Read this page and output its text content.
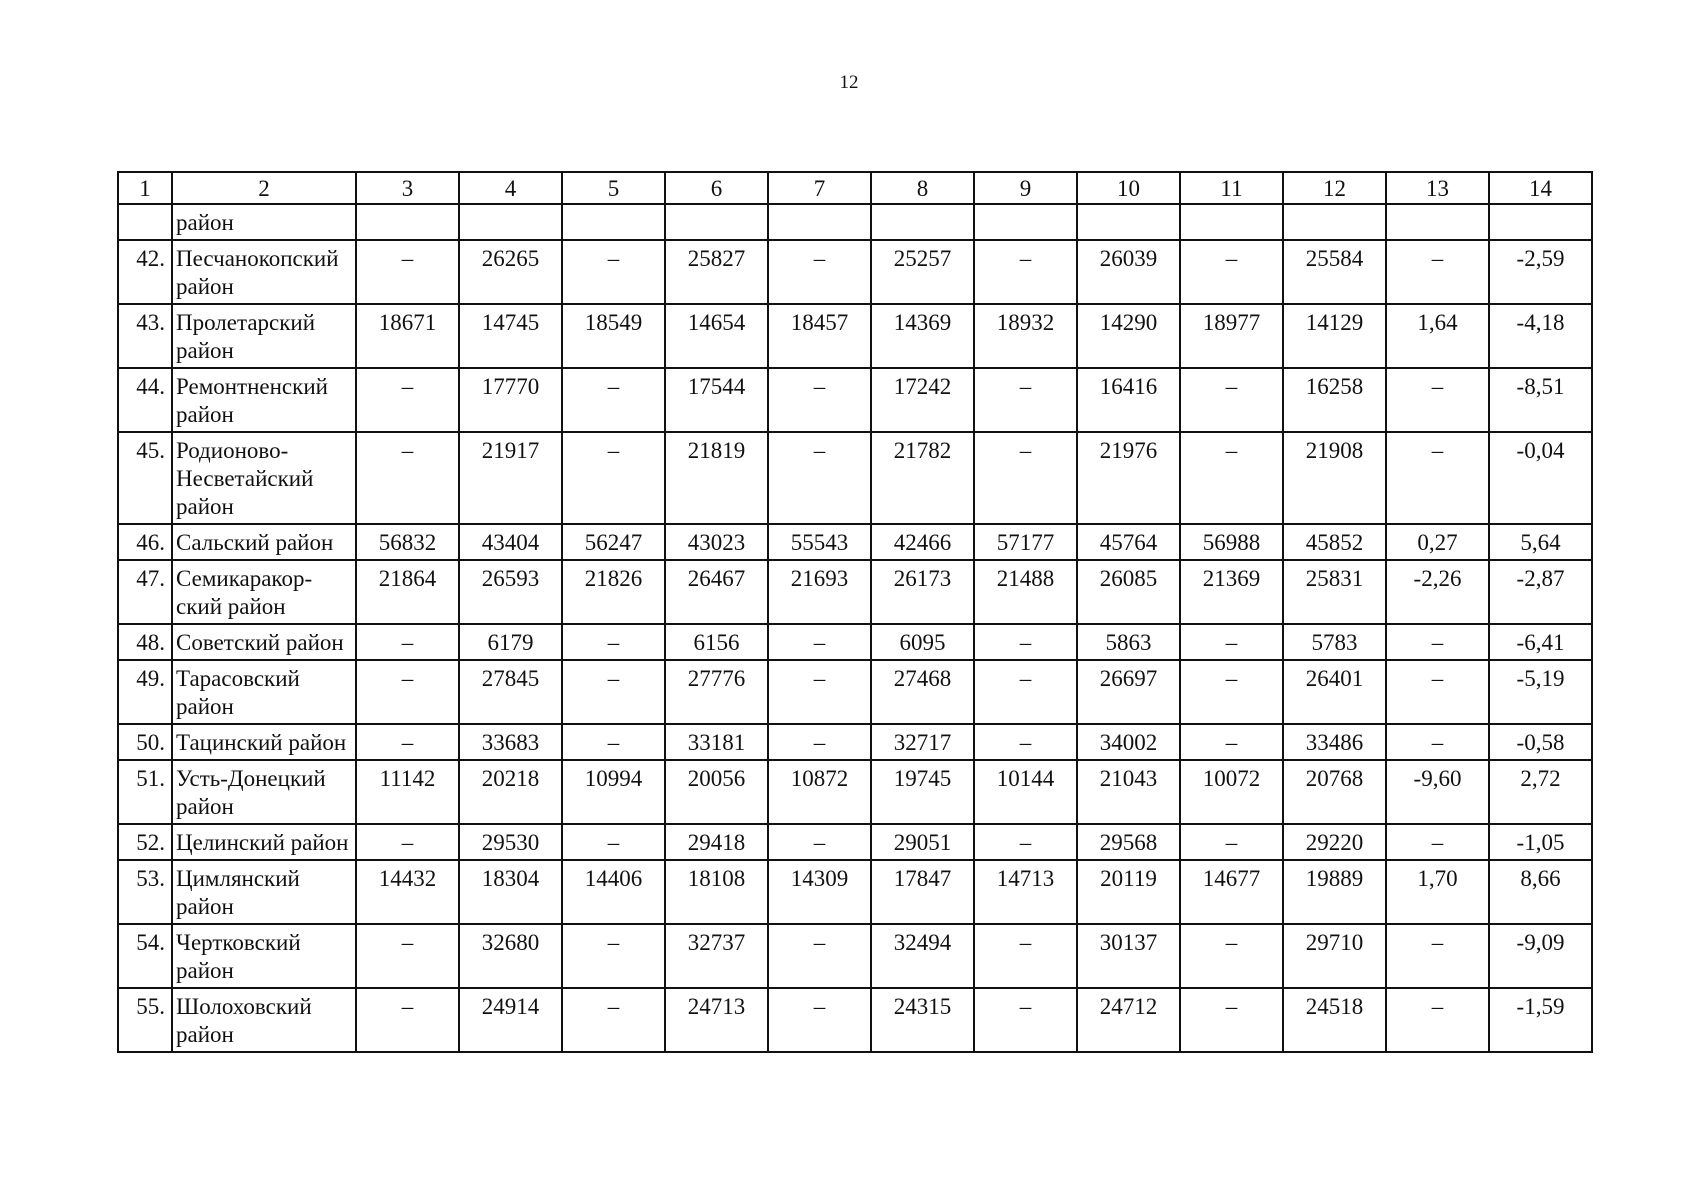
12
1	2	3	4	5	6	7	8	9	10	11	12	13	14
	район												
42.	Песчанокопский район	–	26265	–	25827	–	25257	–	26039	–	25584	–	-2,59
43.	Пролетарский район	18671	14745	18549	14654	18457	14369	18932	14290	18977	14129	1,64	-4,18
44.	Ремонтненский район	–	17770	–	17544	–	17242	–	16416	–	16258	–	-8,51
45.	Родионово-Несветайский район	–	21917	–	21819	–	21782	–	21976	–	21908	–	-0,04
46.	Сальский район	56832	43404	56247	43023	55543	42466	57177	45764	56988	45852	0,27	5,64
47.	Семикаракор-ский район	21864	26593	21826	26467	21693	26173	21488	26085	21369	25831	-2,26	-2,87
48.	Советский район	–	6179	–	6156	–	6095	–	5863	–	5783	–	-6,41
49.	Тарасовский район	–	27845	–	27776	–	27468	–	26697	–	26401	–	-5,19
50.	Тацинский район	–	33683	–	33181	–	32717	–	34002	–	33486	–	-0,58
51.	Усть-Донецкий район	11142	20218	10994	20056	10872	19745	10144	21043	10072	20768	-9,60	2,72
52.	Целинский район	–	29530	–	29418	–	29051	–	29568	–	29220	–	-1,05
53.	Цимлянский район	14432	18304	14406	18108	14309	17847	14713	20119	14677	19889	1,70	8,66
54.	Чертковский район	–	32680	–	32737	–	32494	–	30137	–	29710	–	-9,09
55.	Шолоховский район	–	24914	–	24713	–	24315	–	24712	–	24518	–	-1,59
